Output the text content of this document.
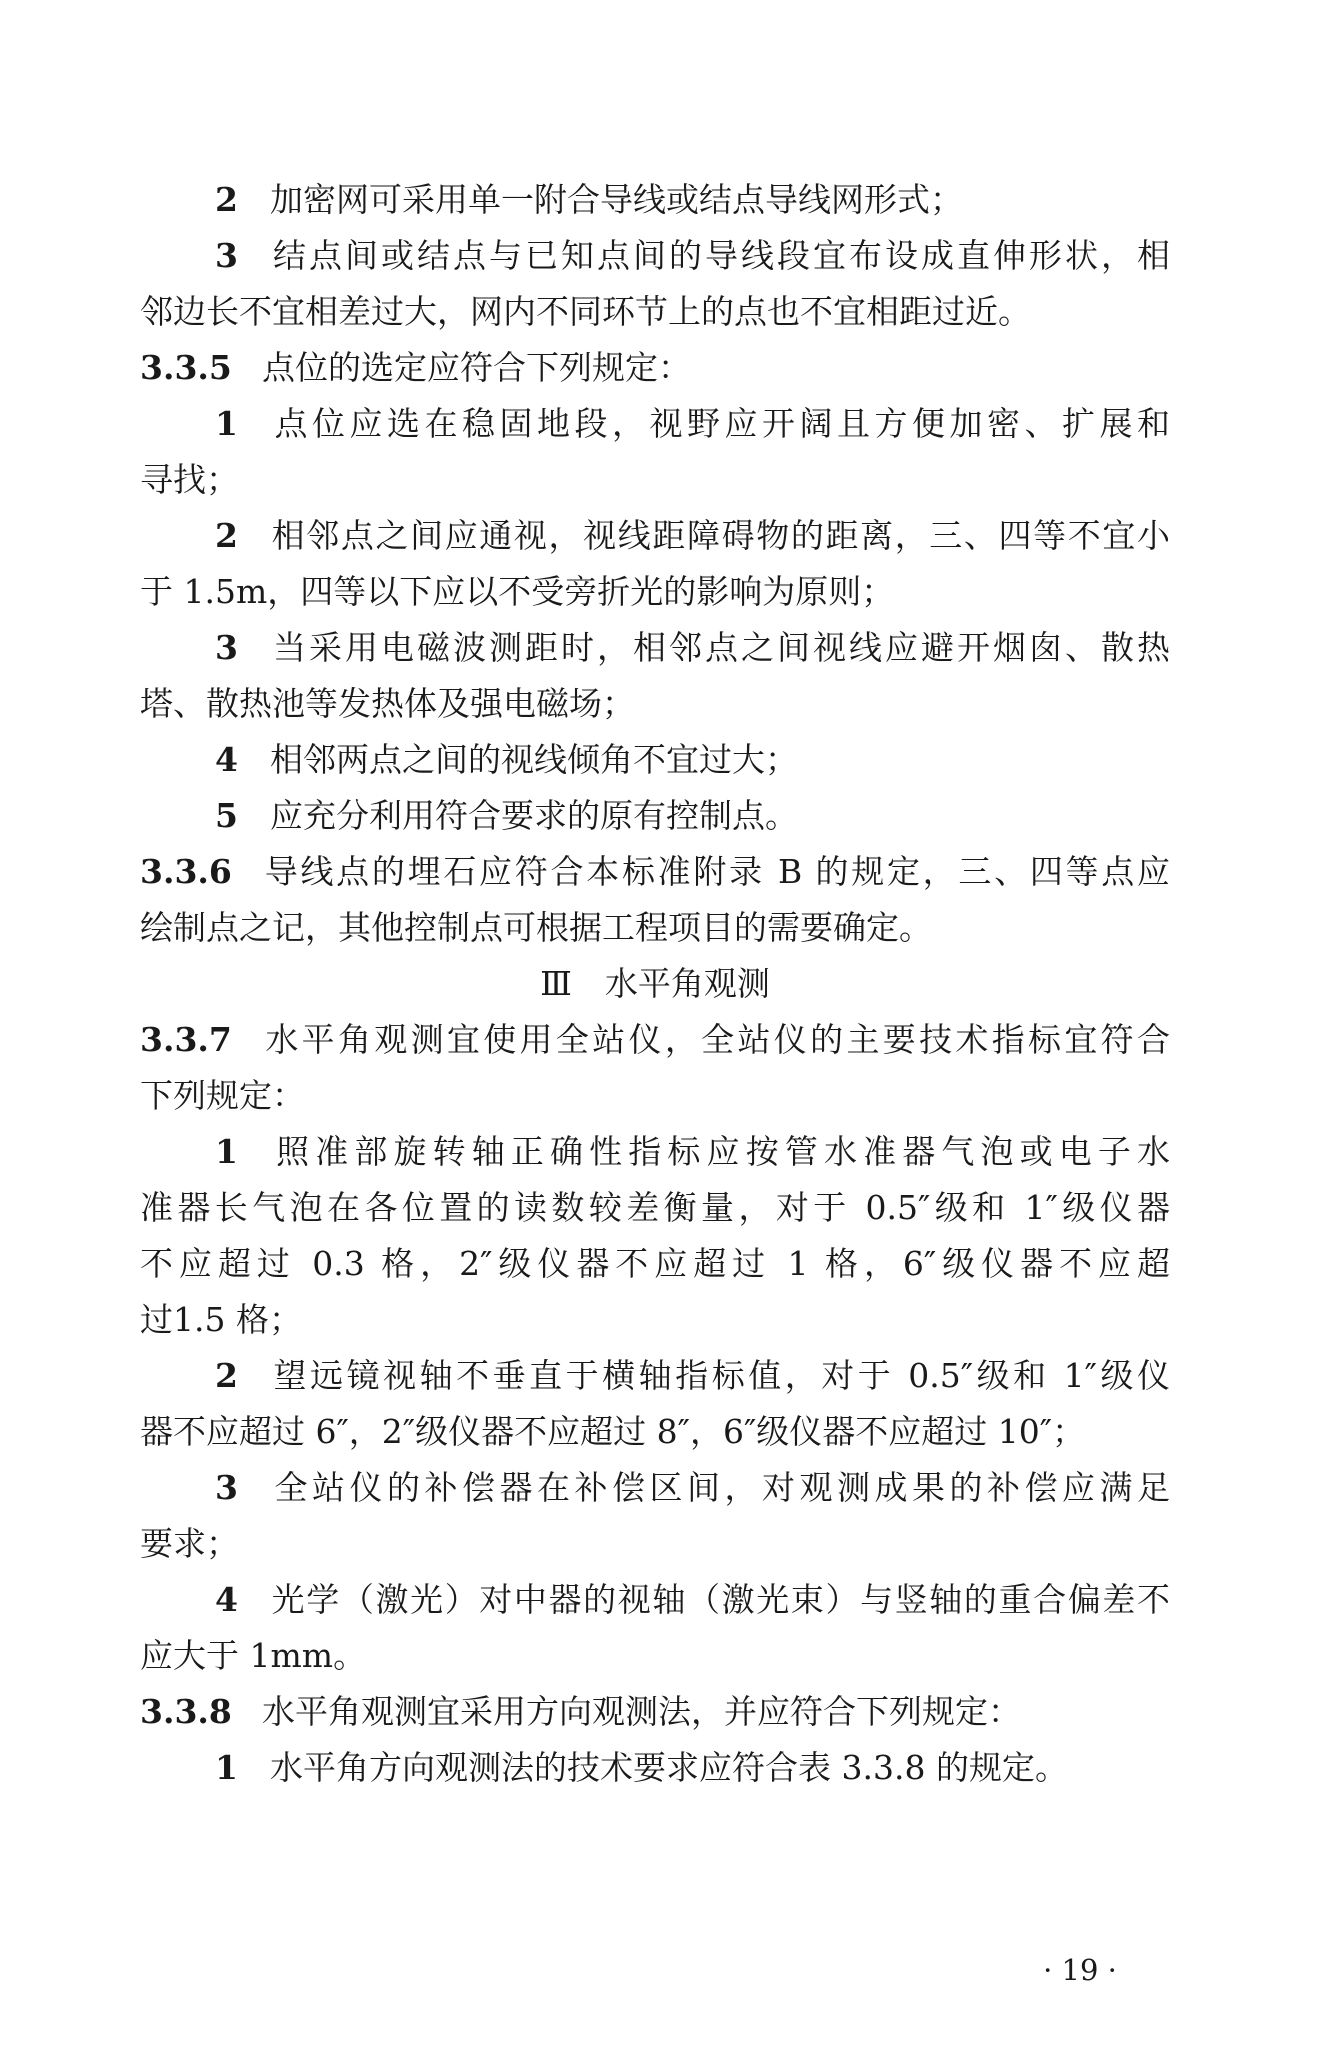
2 加密网可采用单一附合导线或结点导线网形式；
3 结点间或结点与已知点间的导线段宜布设成直伸形状，相
邻边长不宜相差过大，网内不同环节上的点也不宜相距过近。
3.3.5 点位的选定应符合下列规定：
1 点位应选在稳固地段，视野应开阔且方便加密、扩展和
寻找；
2 相邻点之间应通视，视线距障碍物的距离，三、四等不宜小
于 1.5m，四等以下应以不受旁折光的影响为原则；
3 当采用电磁波测距时，相邻点之间视线应避开烟囱、散热
塔、散热池等发热体及强电磁场；
4 相邻两点之间的视线倾角不宜过大；
5 应充分利用符合要求的原有控制点。
3.3.6 导线点的埋石应符合本标准附录 B 的规定，三、四等点应
绘制点之记，其他控制点可根据工程项目的需要确定。
Ⅲ　水平角观测
3.3.7 水平角观测宜使用全站仪，全站仪的主要技术指标宜符合
下列规定：
1 照准部旋转轴正确性指标应按管水准器气泡或电子水
准器长气泡在各位置的读数较差衡量，对于 0.5″级和 1″级仪器
不应超过 0.3 格，2″级仪器不应超过 1 格，6″级仪器不应超
过1.5 格；
2 望远镜视轴不垂直于横轴指标值，对于 0.5″级和 1″级仪
器不应超过 6″，2″级仪器不应超过 8″，6″级仪器不应超过 10″；
3 全站仪的补偿器在补偿区间，对观测成果的补偿应满足
要求；
4 光学（激光）对中器的视轴（激光束）与竖轴的重合偏差不
应大于 1mm。
3.3.8 水平角观测宜采用方向观测法，并应符合下列规定：
1 水平角方向观测法的技术要求应符合表 3.3.8 的规定。
· 19 ·
